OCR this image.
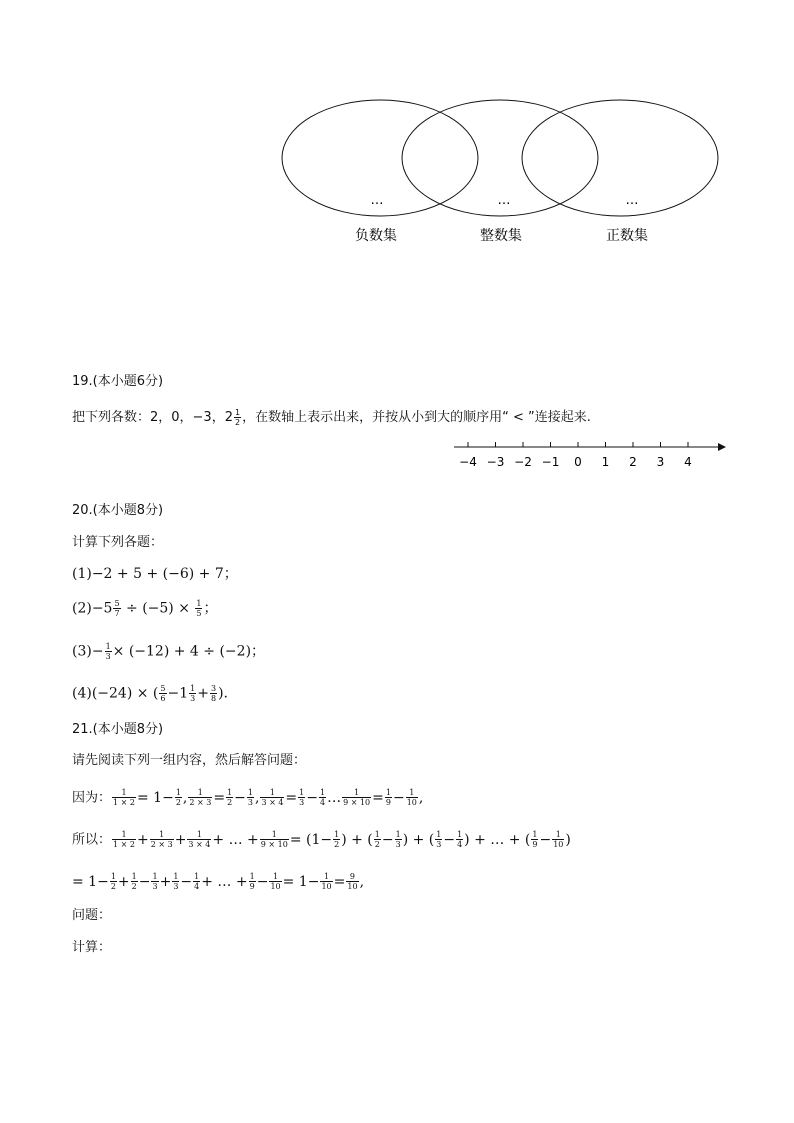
…	…	…
负数集	整数集	正数集
19.(本小题6分)
把下列各数：2，0，−3，$2 \frac{1}{2}$ ，在数轴上表示出来，并按从小到大的顺序用“ < ”连接起来.
−4 −3 −2 −1 0 1 2 3 4
20.(本小题8分)
计算下列各题：
(1)−2 + 5 + (−6) + 7；
$(2)-5 \frac{5}{7} \div (-5) \times \frac{1}{5}$ ；
$(3)- \frac{1}{3} \times (-12) + 4 \div (-2)$；
(4)(−24) × ( $\frac{5}{6} -1 \frac{1}{3} + \frac{3}{8}$ ).
21.(本小题8分)
请先阅读下列一组内容，然后解答问题：
因为： $\frac{1}{1 \times 2} = 1- \frac{1}{2}$ , $\frac{1}{2 \times 3} = \frac{1}{2} - \frac{1}{3}$ , $\frac{1}{3 \times 4} = \frac{1}{3} - \frac{1}{4}$ … $\frac{1}{9 \times 10} = \frac{1}{9} - \frac{1}{10}$ ,
所以： $\frac{1}{1 \times 2} + \frac{1}{2 \times 3} + \frac{1}{3 \times 4}$ + … + $\frac{1}{9 \times 10} = (1- \frac{1}{2}$ ) + ( $\frac{1}{2} - \frac{1}{3}$ ) + ( $\frac{1}{3} - \frac{1}{4}$ ) + … + ( $\frac{1}{9} - \frac{1}{10}$ )
= $1- \frac{1}{2} + \frac{1}{2} - \frac{1}{3} + \frac{1}{3} - \frac{1}{4}$ + … + $\frac{1}{9} - \frac{1}{10} = 1- \frac{1}{10} = \frac{9}{10}$ ,
问题：
计算：
